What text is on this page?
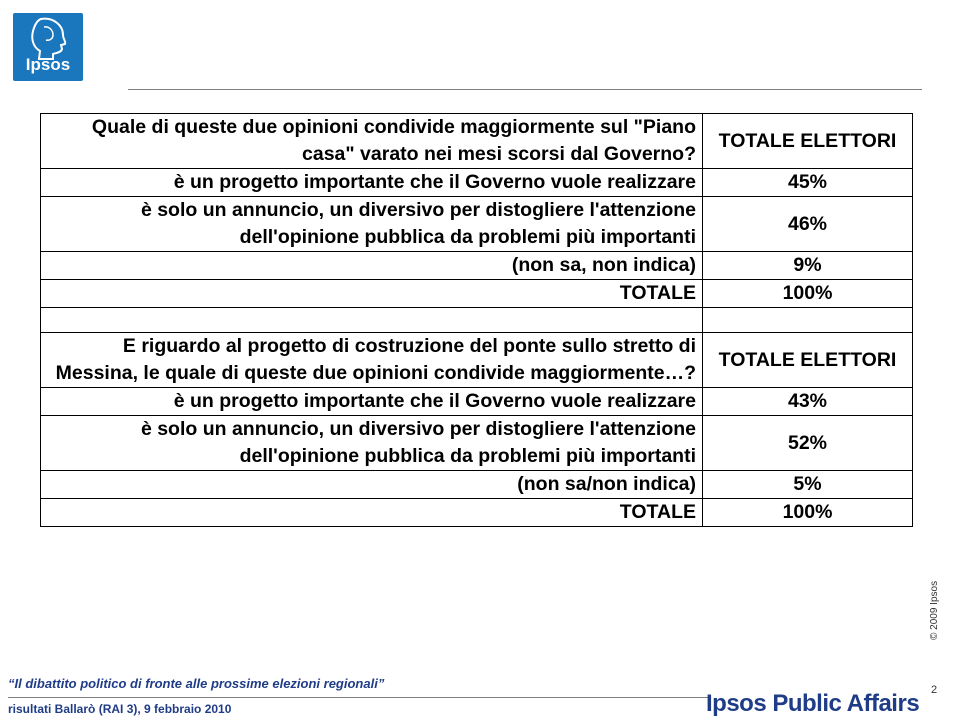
Ipsos
Quale di queste due opinioni condivide maggiormente sul "Piano casa" varato nei mesi scorsi dal Governo?	TOTALE ELETTORI
è un progetto importante che il Governo vuole realizzare	45%
è solo un annuncio, un diversivo per distogliere l'attenzione dell'opinione pubblica da problemi più importanti	46%
(non sa, non indica)	9%
TOTALE	100%

E riguardo al progetto di costruzione del ponte sullo stretto di Messina, le quale di queste due opinioni condivide maggiormente…?	TOTALE ELETTORI
è un progetto importante che il Governo vuole realizzare	43%
è solo un annuncio, un diversivo per distogliere l'attenzione dell'opinione pubblica da problemi più importanti	52%
(non sa/non indica)	5%
TOTALE	100%
© 2009 Ipsos
2
“Il dibattito politico di fronte alle prossime elezioni regionali”
risultati Ballarò (RAI 3), 9 febbraio 2010	Ipsos Public Affairs
